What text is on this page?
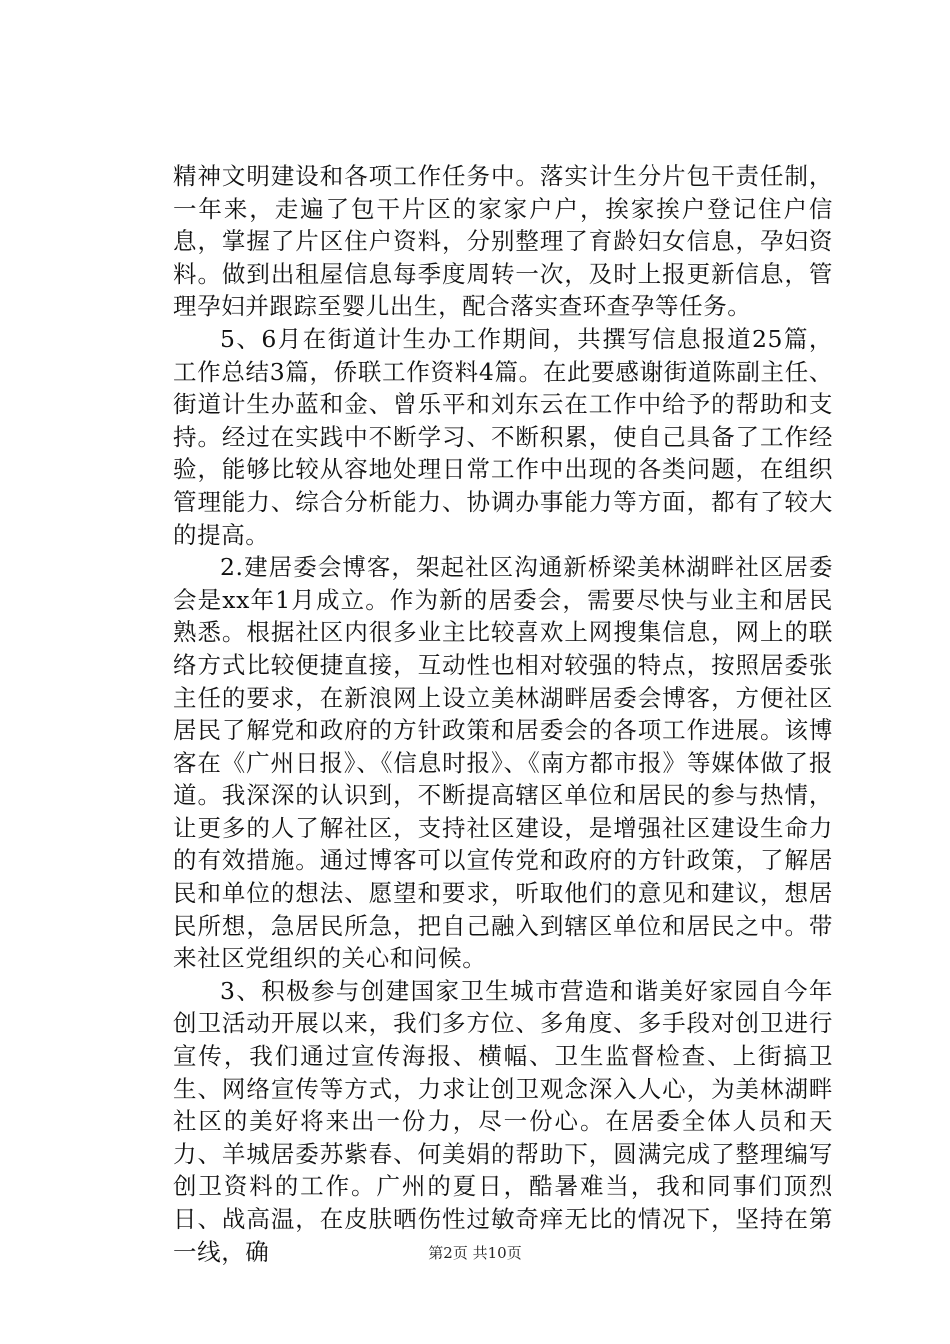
精神文明建设和各项工作任务中。落实计生分片包干责任制，一年来，走遍了包干片区的家家户户，挨家挨户登记住户信息，掌握了片区住户资料，分别整理了育龄妇女信息，孕妇资料。做到出租屋信息每季度周转一次，及时上报更新信息，管理孕妇并跟踪至婴儿出生，配合落实查环查孕等任务。

5、6月在街道计生办工作期间，共撰写信息报道25篇，工作总结3篇，侨联工作资料4篇。在此要感谢街道陈副主任、街道计生办蓝和金、曾乐平和刘东云在工作中给予的帮助和支持。经过在实践中不断学习、不断积累，使自己具备了工作经验，能够比较从容地处理日常工作中出现的各类问题，在组织管理能力、综合分析能力、协调办事能力等方面，都有了较大的提高。

2.建居委会博客，架起社区沟通新桥梁美林湖畔社区居委会是xx年1月成立。作为新的居委会，需要尽快与业主和居民熟悉。根据社区内很多业主比较喜欢上网搜集信息，网上的联络方式比较便捷直接，互动性也相对较强的特点，按照居委张主任的要求，在新浪网上设立美林湖畔居委会博客，方便社区居民了解党和政府的方针政策和居委会的各项工作进展。该博客在《广州日报》、《信息时报》、《南方都市报》等媒体做了报道。我深深的认识到，不断提高辖区单位和居民的参与热情，让更多的人了解社区，支持社区建设，是增强社区建设生命力的有效措施。通过博客可以宣传党和政府的方针政策，了解居民和单位的想法、愿望和要求，听取他们的意见和建议，想居民所想，急居民所急，把自己融入到辖区单位和居民之中。带来社区党组织的关心和问候。

3、积极参与创建国家卫生城市营造和谐美好家园自今年创卫活动开展以来，我们多方位、多角度、多手段对创卫进行宣传，我们通过宣传海报、横幅、卫生监督检查、上街搞卫生、网络宣传等方式，力求让创卫观念深入人心，为美林湖畔社区的美好将来出一份力，尽一份心。在居委全体人员和天力、羊城居委苏紫春、何美娟的帮助下，圆满完成了整理编写创卫资料的工作。广州的夏日，酷暑难当，我和同事们顶烈日、战高温，在皮肤晒伤性过敏奇痒无比的情况下，坚持在第一线，确	第2页 共10页
